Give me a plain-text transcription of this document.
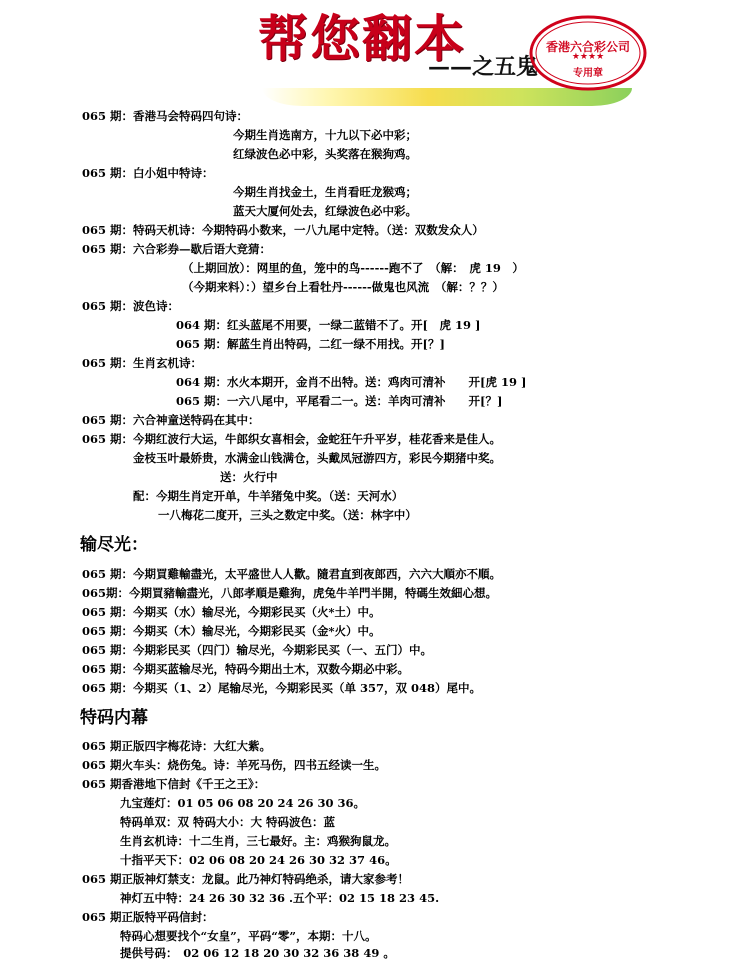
帮您翻本
——之五鬼
香港六合彩公司
★★★★
专用章
065 期：香港马会特码四句诗：
今期生肖选南方，十九以下必中彩；
红绿波色必中彩，头奖落在猴狗鸡。
065 期：白小姐中特诗：
今期生肖找金土，生肖看旺龙猴鸡；
蓝天大厦何处去，红绿波色必中彩。
065 期：特码天机诗：今期特码小数来，一八九尾中定特。（送：双数发众人）
065 期：六合彩券—歇后语大竞猜：
（上期回放）：网里的鱼，笼中的鸟------跑不了　（解：　虎 19　）
（今期来料）：）望乡台上看牡丹------做鬼也风流　（解：？？）
065 期：波色诗：
064 期：红头蓝尾不用要，一绿二蓝错不了。开[　虎 19 ]
065 期：解蓝生肖出特码，二红一绿不用找。开[？]
065 期：生肖玄机诗：
064 期：水火本期开，金肖不出特。送：鸡肉可清补　　开[虎 19 ]
065 期：一六八尾中，平尾看二一。送：羊肉可清补　　开[？]
065 期：六合神童送特码在其中：
065 期：今期红波行大运，牛郎织女喜相会，金蛇狂午升平岁，桂花香来是佳人。
金枝玉叶最娇贵，水满金山钱满仓，头戴凤冠游四方，彩民今期猪中奖。
送：火行中
配：今期生肖定开单，牛羊猪兔中奖。（送：天河水）
一八梅花二度开，三头之数定中奖。（送：林字中）
输尽光：
065 期：今期買雞輸盡光，太平盛世人人歡。隨君直到夜郎西，六六大順亦不順。
065期：今期買豬輸盡光，八郎孝順是雞狗，虎兔牛羊門半開，特碼生效細心想。
065 期：今期买（水）输尽光，今期彩民买（火*土）中。
065 期：今期买（木）输尽光，今期彩民买（金*火）中。
065 期：今期彩民买（四门）输尽光，今期彩民买（一、五门）中。
065 期：今期买蓝输尽光，特码今期出土木，双数今期必中彩。
065 期：今期买（1、2）尾输尽光，今期彩民买（单 357，双 048）尾中。
特码内幕
065 期正版四字梅花诗：大红大紫。
065 期火车头：烧伤兔。诗：羊死马伤，四书五经读一生。
065 期香港地下信封《千王之王》：
九宝莲灯：01 05 06 08 20 24 26 30 36。
特码单双：双 特码大小：大 特码波色：蓝
生肖玄机诗：十二生肖，三七最好。主：鸡猴狗鼠龙。
十指平天下：02 06 08 20 24 26 30 32 37 46。
065 期正版神灯禁支：龙鼠。此乃神灯特码绝杀，请大家参考！
神灯五中特：24 26 30 32 36 .五个平：02 15 18 23 45.
065 期正版特平码信封：
特码心想要找个“女皇”，平码“零”，本期：十八。
提供号码：　02 06 12 18 20 30 32 36 38 49 。
